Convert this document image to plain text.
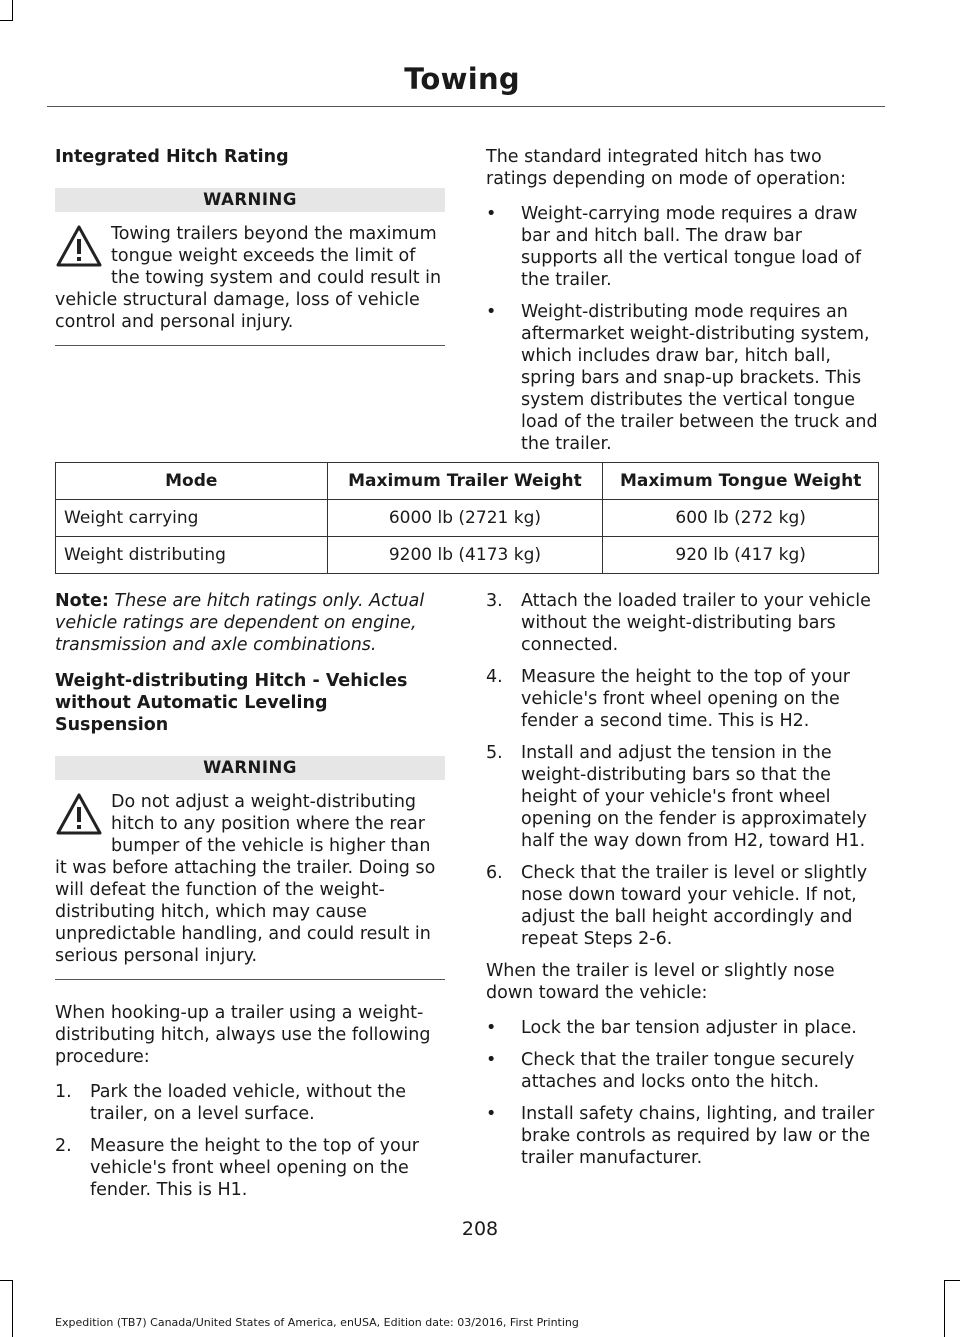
Towing
Integrated Hitch Rating
WARNING
Towing trailers beyond the maximum tongue weight exceeds the limit of the towing system and could result in vehicle structural damage, loss of vehicle control and personal injury.

The standard integrated hitch has two ratings depending on mode of operation:

• Weight-carrying mode requires a draw bar and hitch ball. The draw bar supports all the vertical tongue load of the trailer.
• Weight-distributing mode requires an aftermarket weight-distributing system, which includes draw bar, hitch ball, spring bars and snap-up brackets. This system distributes the vertical tongue load of the trailer between the truck and the trailer.
Mode	Maximum Trailer Weight	Maximum Tongue Weight
Weight carrying	6000 lb (2721 kg)	600 lb (272 kg)
Weight distributing	9200 lb (4173 kg)	920 lb (417 kg)

Note: These are hitch ratings only. Actual vehicle ratings are dependent on engine, transmission and axle combinations.

Weight-distributing Hitch - Vehicles without Automatic Leveling Suspension
WARNING
Do not adjust a weight-distributing hitch to any position where the rear bumper of the vehicle is higher than it was before attaching the trailer. Doing so will defeat the function of the weight-distributing hitch, which may cause unpredictable handling, and could result in serious personal injury.

When hooking-up a trailer using a weight-distributing hitch, always use the following procedure:

1. Park the loaded vehicle, without the trailer, on a level surface.
2. Measure the height to the top of your vehicle's front wheel opening on the fender. This is H1.
3. Attach the loaded trailer to your vehicle without the weight-distributing bars connected.
4. Measure the height to the top of your vehicle's front wheel opening on the fender a second time. This is H2.
5. Install and adjust the tension in the weight-distributing bars so that the height of your vehicle's front wheel opening on the fender is approximately half the way down from H2, toward H1.
6. Check that the trailer is level or slightly nose down toward your vehicle. If not, adjust the ball height accordingly and repeat Steps 2-6.

When the trailer is level or slightly nose down toward the vehicle:

• Lock the bar tension adjuster in place.
• Check that the trailer tongue securely attaches and locks onto the hitch.
• Install safety chains, lighting, and trailer brake controls as required by law or the trailer manufacturer.
208
Expedition (TB7) Canada/United States of America, enUSA, Edition date: 03/2016, First Printing
